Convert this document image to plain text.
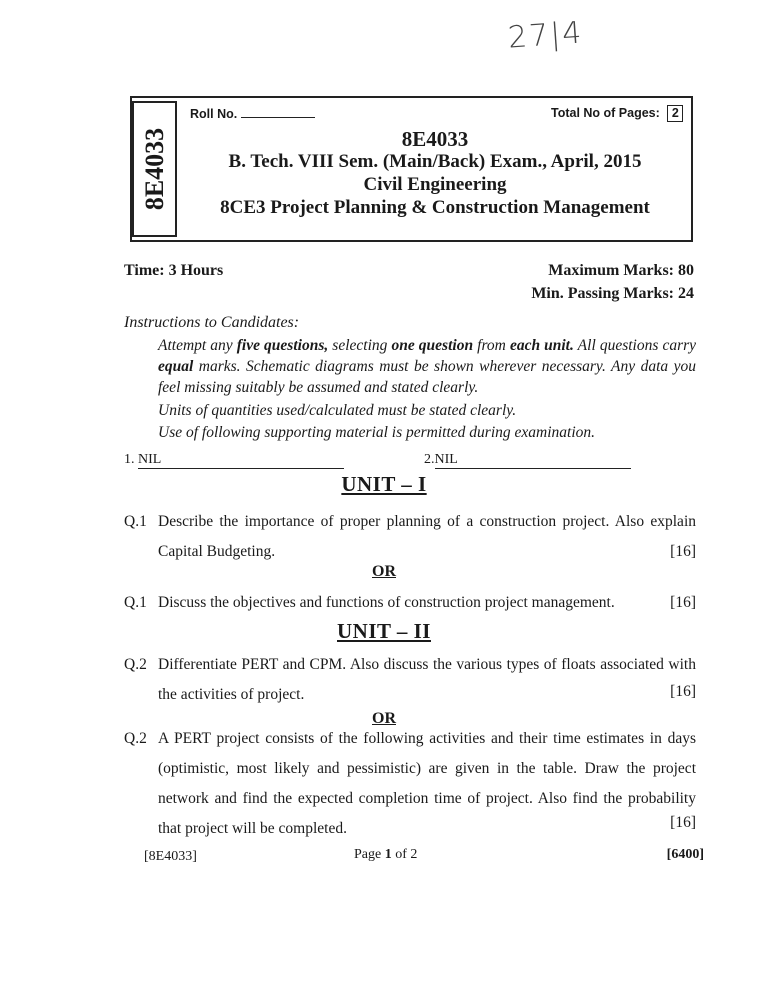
27|4
8E4033
Roll No.	Total No of Pages: 2
8E4033
B. Tech. VIII Sem. (Main/Back) Exam., April, 2015
Civil Engineering
8CE3 Project Planning & Construction Management
Time: 3 Hours	Maximum Marks: 80
Min. Passing Marks: 24
Instructions to Candidates:
Attempt any five questions, selecting one question from each unit. All questions carry equal marks. Schematic diagrams must be shown wherever necessary. Any data you feel missing suitably be assumed and stated clearly.
Units of quantities used/calculated must be stated clearly.
Use of following supporting material is permitted during examination.
1. NIL	2.NIL
UNIT – I
Q.1 Describe the importance of proper planning of a construction project. Also explain
Capital Budgeting.	[16]
OR
Q.1 Discuss the objectives and functions of construction project management.	[16]
UNIT – II
Q.2 Differentiate PERT and CPM. Also discuss the various types of floats associated with
the activities of project.	[16]
OR
Q.2 A PERT project consists of the following activities and their time estimates in days
(optimistic, most likely and pessimistic) are given in the table. Draw the project
network and find the expected completion time of project. Also find the probability
that project will be completed.	[16]
[8E4033]	Page 1 of 2	[6400]
